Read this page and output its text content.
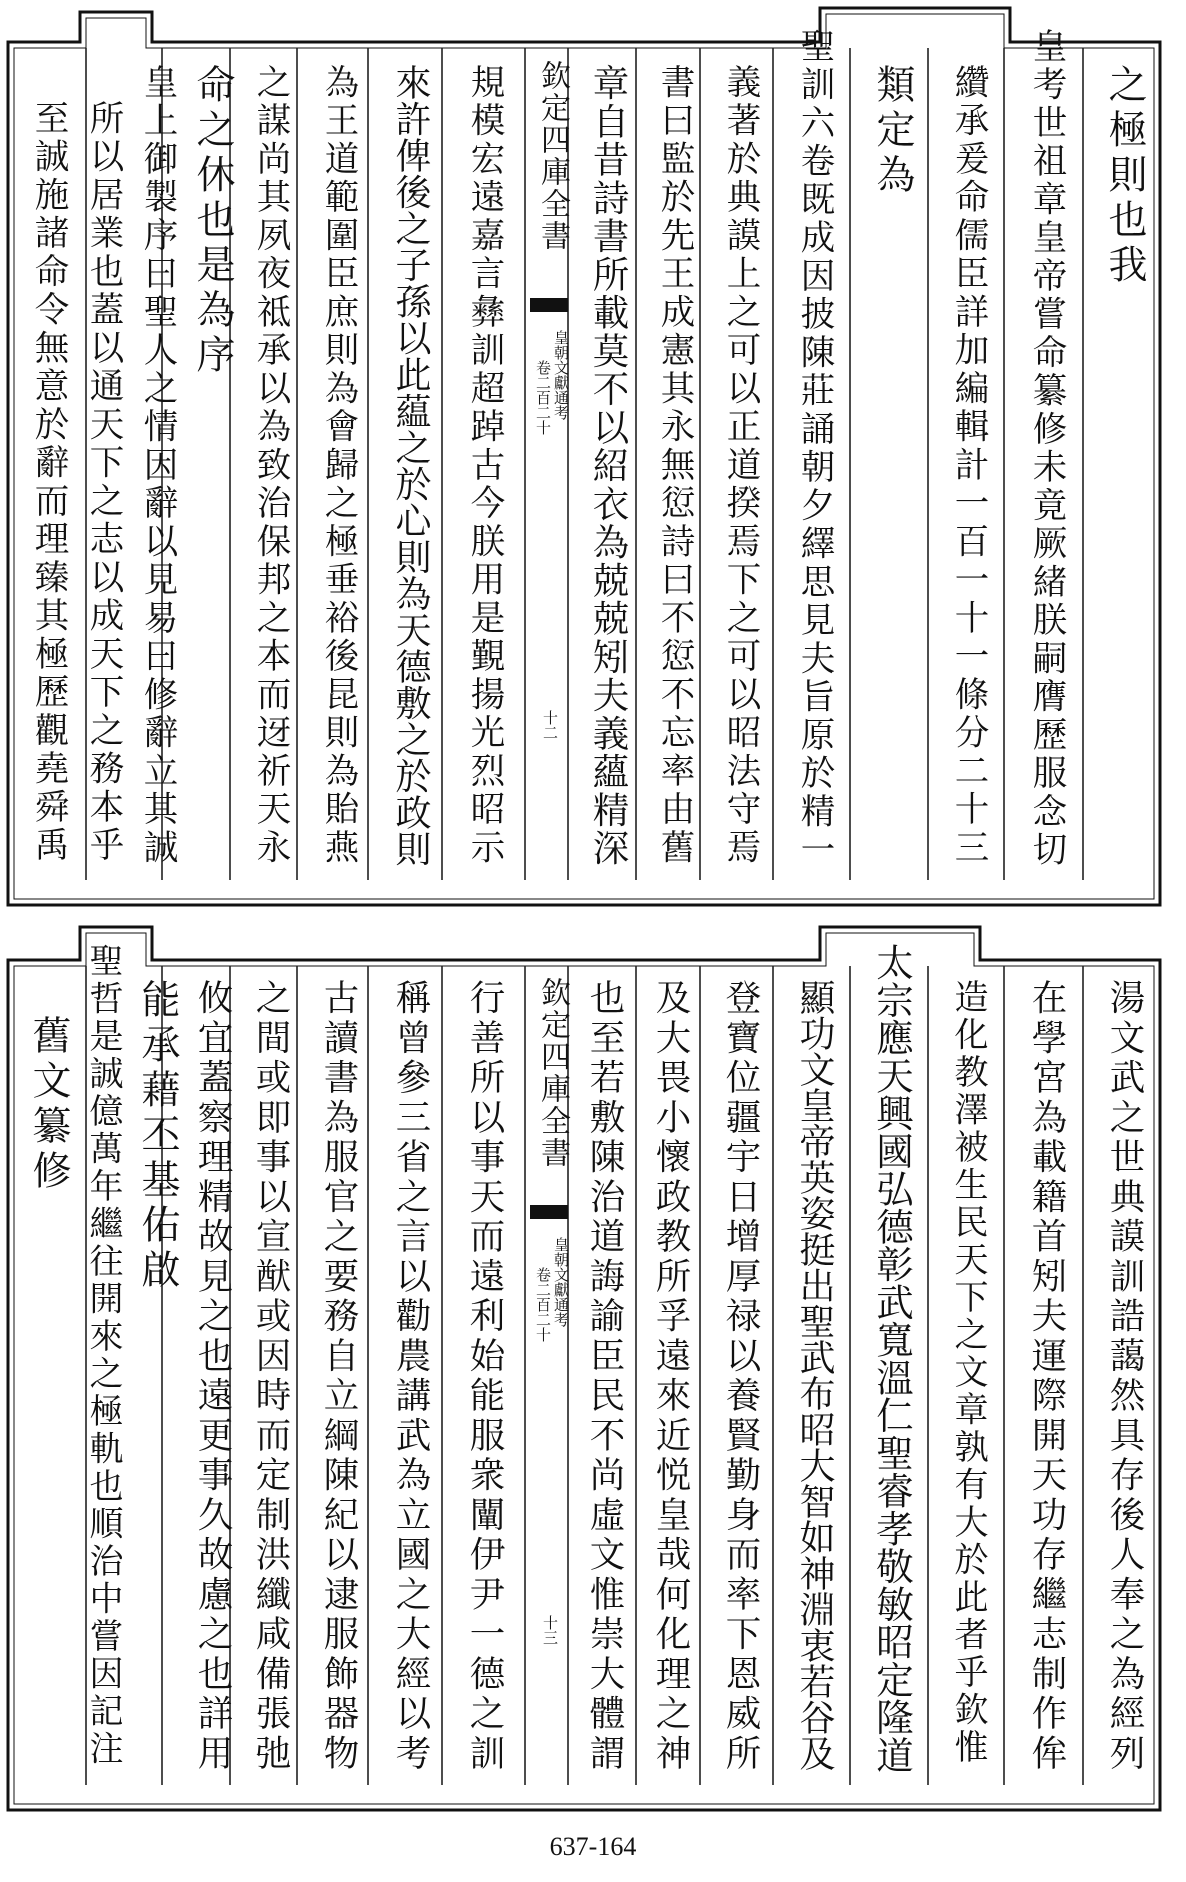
欽定四庫全書
皇朝文獻通考
卷二百二十
十二
之極則也我
皇考世祖章皇帝嘗命纂修未竟厥緒朕嗣膺歷服念切
纘承爰命儒臣詳加編輯計一百一十一條分二十三
類定為
聖訓六卷既成因披陳莊誦朝夕繹思見夫旨原於精一
義著於典謨上之可以正道揆焉下之可以昭法守焉
書曰監於先王成憲其永無愆詩曰不愆不忘率由舊
章自昔詩書所載莫不以紹衣為兢兢矧夫義蘊精深
規模宏遠嘉言彝訓超踔古今朕用是覲揚光烈昭示
來許俾後之子孫以此藴之於心則為天德敷之於政則
為王道範圍臣庶則為會歸之極垂裕後昆則為貽燕
之謀尚其夙夜祗承以為致治保邦之本而迓祈天永
命之休也是為序
皇上御製序曰聖人之情因辭以見易曰修辭立其誠
所以居業也蓋以通天下之志以成天下之務本乎
至誠施諸命令無意於辭而理臻其極歷觀堯舜禹
欽定四庫全書
皇朝文獻通考
卷二百二十
十三	湯文武之世典謨訓誥藹然具存後人奉之為經列
在學宮為載籍首矧夫運際開天功存繼志制作侔
造化教澤被生民天下之文章孰有大於此者乎欽惟
太宗應天興國弘德彰武寬溫仁聖睿孝敬敏昭定隆道
顯功文皇帝英姿挺出聖武布昭大智如神淵衷若谷及
登寶位疆宇日增厚禄以養賢勤身而率下恩威所
及大畏小懷政教所孚遠來近悦皇哉何化理之神
也至若敷陳治道誨諭臣民不尚虛文惟崇大體謂
行善所以事天而遠利始能服衆闡伊尹一德之訓
稱曾參三省之言以勸農講武為立國之大經以考
古讀書為服官之要務自立綱陳紀以逮服飾器物
之間或即事以宣猷或因時而定制洪纖咸備張弛
攸宜蓋察理精故見之也遠更事久故慮之也詳用
能承藉丕基佑啟
聖哲是誠億萬年繼往開來之極軌也順治中嘗因記注
舊文纂修
637-164
